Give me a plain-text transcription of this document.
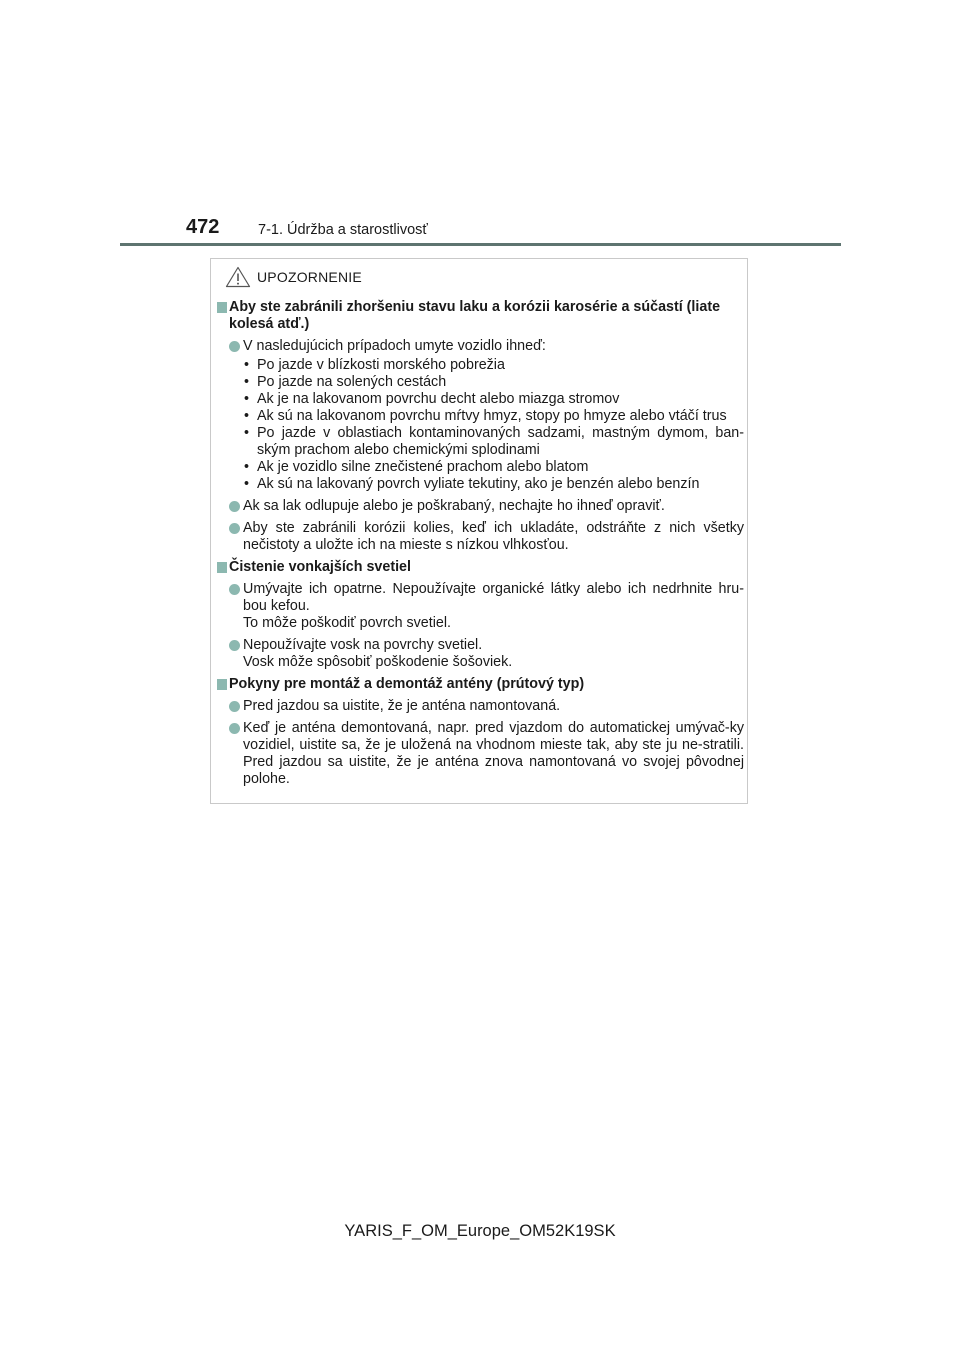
472	7-1. Údržba a starostlivosť
UPOZORNENIE
Aby ste zabránili zhoršeniu stavu laku a korózii karosérie a súčastí (liate kolesá atď.)
V nasledujúcich prípadoch umyte vozidlo ihneď:
• Po jazde v blízkosti morského pobrežia
• Po jazde na solených cestách
• Ak je na lakovanom povrchu decht alebo miazga stromov
• Ak sú na lakovanom povrchu mŕtvy hmyz, stopy po hmyze alebo vtáčí trus
• Po jazde v oblastiach kontaminovaných sadzami, mastným dymom, ban-ským prachom alebo chemickými splodinami
• Ak je vozidlo silne znečistené prachom alebo blatom
• Ak sú na lakovaný povrch vyliate tekutiny, ako je benzén alebo benzín
Ak sa lak odlupuje alebo je poškrabaný, nechajte ho ihneď opraviť.
Aby ste zabránili korózii kolies, keď ich ukladáte, odstráňte z nich všetky nečistoty a uložte ich na mieste s nízkou vlhkosťou.
Čistenie vonkajších svetiel
Umývajte ich opatrne. Nepoužívajte organické látky alebo ich nedrhnite hru-bou kefou.
To môže poškodiť povrch svetiel.
Nepoužívajte vosk na povrchy svetiel.
Vosk môže spôsobiť poškodenie šošoviek.
Pokyny pre montáž a demontáž antény (prútový typ)
Pred jazdou sa uistite, že je anténa namontovaná.
Keď je anténa demontovaná, napr. pred vjazdom do automatickej umývač-ky vozidiel, uistite sa, že je uložená na vhodnom mieste tak, aby ste ju ne-stratili. Pred jazdou sa uistite, že je anténa znova namontovaná vo svojej pôvodnej polohe.
YARIS_F_OM_Europe_OM52K19SK
